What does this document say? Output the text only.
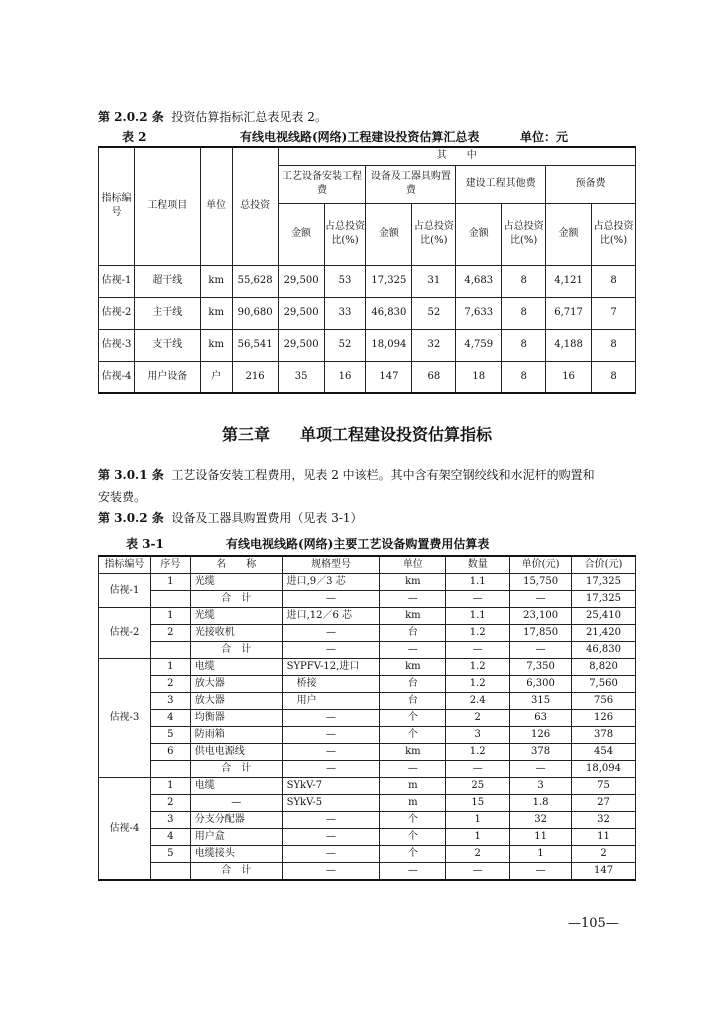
第 2.0.2 条 投资估算指标汇总表见表 2。
表 2	有线电视线路(网络)工程建设投资估算汇总表	单位：元
指标编号	工程项目	单位	总投资	其　　中							
				工艺设备安装工程费		设备及工器具购置费		建设工程其他费		预备费	
				金额	占总投资比(%)	金额	占总投资比(%)	金额	占总投资比(%)	金额	占总投资比(%)
估视-1	超干线	km	55,628	29,500	53	17,325	31	4,683	8	4,121	8
估视-2	主干线	km	90,680	29,500	33	46,830	52	7,633	8	6,717	7
估视-3	支干线	km	56,541	29,500	52	18,094	32	4,759	8	4,188	8
估视-4	用户设备	户	216	35	16	147	68	18	8	16	8
第三章 单项工程建设投资估算指标
第 3.0.1 条 工艺设备安装工程费用，见表 2 中该栏。其中含有架空钢绞线和水泥杆的购置和
安装费。
第 3.0.2 条 设备及工器具购置费用（见表 3-1）
表 3-1	有线电视线路(网络)主要工艺设备购置费用估算表
指标编号	序号	名　　称	规格型号	单位	数量	单价(元)	合价(元)
估视-1	1	光缆	进口,9／3 芯	km	1.1	15,750	17,325
		合　计	—	—	—	—	17,325
估视-2	1	光缆	进口,12／6 芯	km	1.1	23,100	25,410
	2	光接收机	—	台	1.2	17,850	21,420
		合　计	—	—	—	—	46,830
估视-3	1	电缆	SYPFV-12,进口	km	1.2	7,350	8,820
	2	放大器	桥接	台	1.2	6,300	7,560
	3	放大器	用户	台	2.4	315	756
	4	均衡器	—	个	2	63	126
	5	防雨箱	—	个	3	126	378
	6	供电电源线	—	km	1.2	378	454
		合　计	—	—	—	—	18,094
估视-4	1	电缆	SYkV-7	m	25	3	75
	2	—	SYkV-5	m	15	1.8	27
	3	分支分配器	—	个	1	32	32
	4	用户盒	—	个	1	11	11
	5	电缆接头	—	个	2	1	2
		合　计	—	—	—	—	147
—105—
